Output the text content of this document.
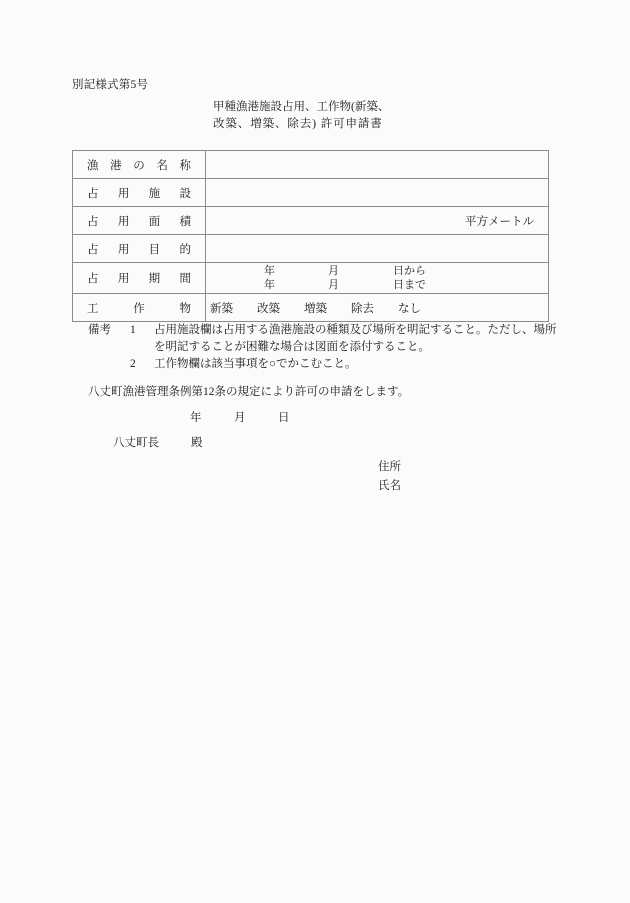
別記様式第5号
甲種漁港施設占用、工作物(新築、
改築、増築、除去) 許可申請書
漁港の名称	
占用施設	
占用面積	平方メートル

占用目的	
占用期間	年 月 日から
年 月 日まで

工作物	新築 改築 増築 除去 なし
備考	1	占用施設欄は占用する漁港施設の種類及び場所を明記すること。ただし、場所を明記することが困難な場合は図面を添付すること。
2	工作物欄は該当事項を○でかこむこと。
八丈町漁港管理条例第12条の規定により許可の申請をします。
年	月	日
八丈町長	殿
住所
氏名
